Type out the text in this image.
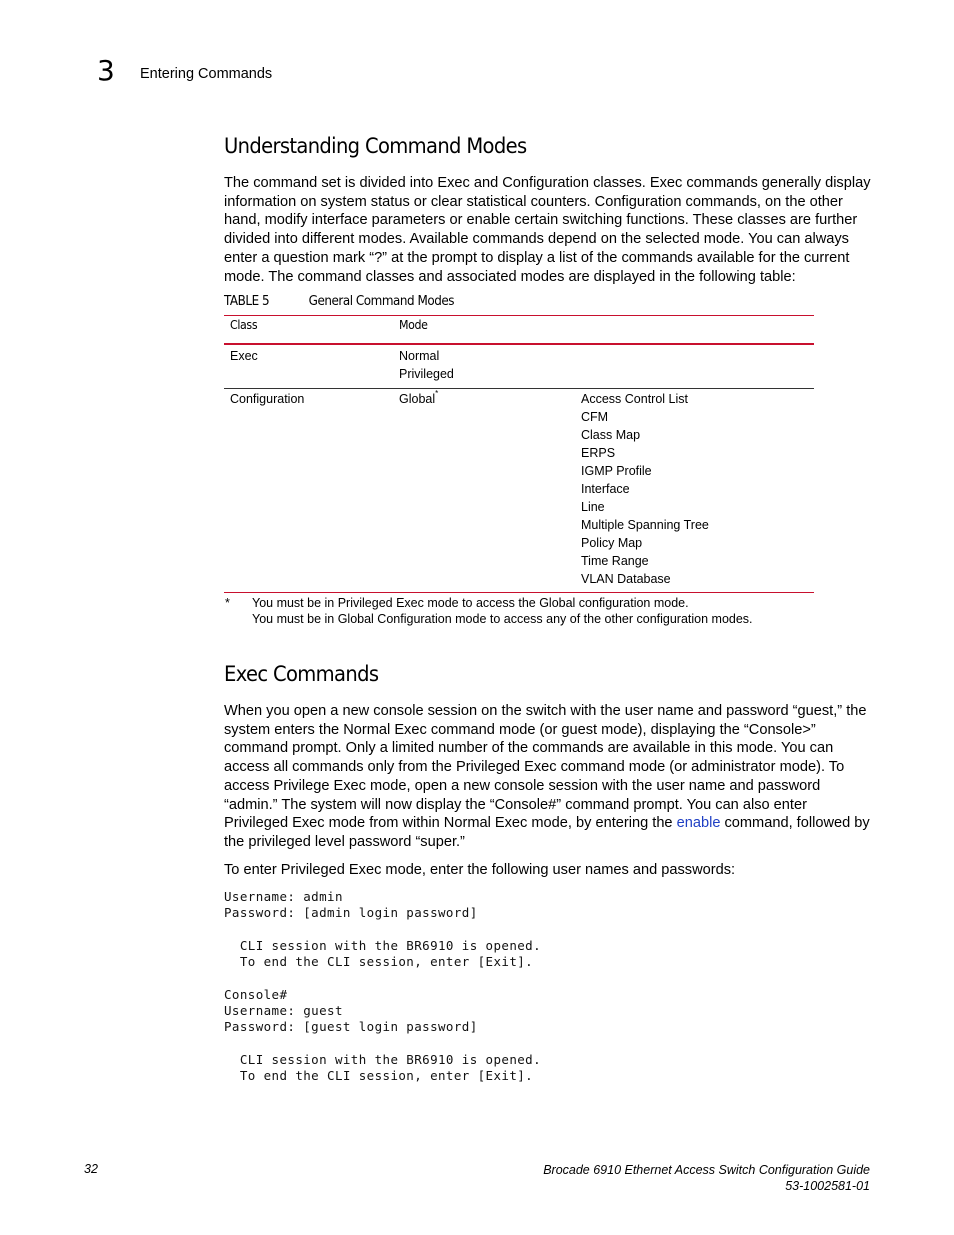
3 Entering Commands
Understanding Command Modes

The command set is divided into Exec and Configuration classes. Exec commands generally display information on system status or clear statistical counters. Configuration commands, on the other hand, modify interface parameters or enable certain switching functions. These classes are further divided into different modes. Available commands depend on the selected mode. You can always enter a question mark “?” at the prompt to display a list of the commands available for the current mode. The command classes and associated modes are displayed in the following table:

TABLE 5	General Command Modes
Class	Mode
Exec	Normal
Privileged
Configuration	Global*	Access Control List
CFM
Class Map
ERPS
IGMP Profile
Interface
Line
Multiple Spanning Tree
Policy Map
Time Range
VLAN Database
* You must be in Privileged Exec mode to access the Global configuration mode.
You must be in Global Configuration mode to access any of the other configuration modes.
Exec Commands

When you open a new console session on the switch with the user name and password “guest,” the system enters the Normal Exec command mode (or guest mode), displaying the “Console>” command prompt. Only a limited number of the commands are available in this mode. You can access all commands only from the Privileged Exec command mode (or administrator mode). To access Privilege Exec mode, open a new console session with the user name and password “admin.” The system will now display the “Console#” command prompt. You can also enter Privileged Exec mode from within Normal Exec mode, by entering the enable command, followed by the privileged level password “super.”

To enter Privileged Exec mode, enter the following user names and passwords:

Username: admin
Password: [admin login password]

CLI session with the BR6910 is opened.
To end the CLI session, enter [Exit].

Console#
Username: guest
Password: [guest login password]

CLI session with the BR6910 is opened.
To end the CLI session, enter [Exit].
32	Brocade 6910 Ethernet Access Switch Configuration Guide
53-1002581-01
